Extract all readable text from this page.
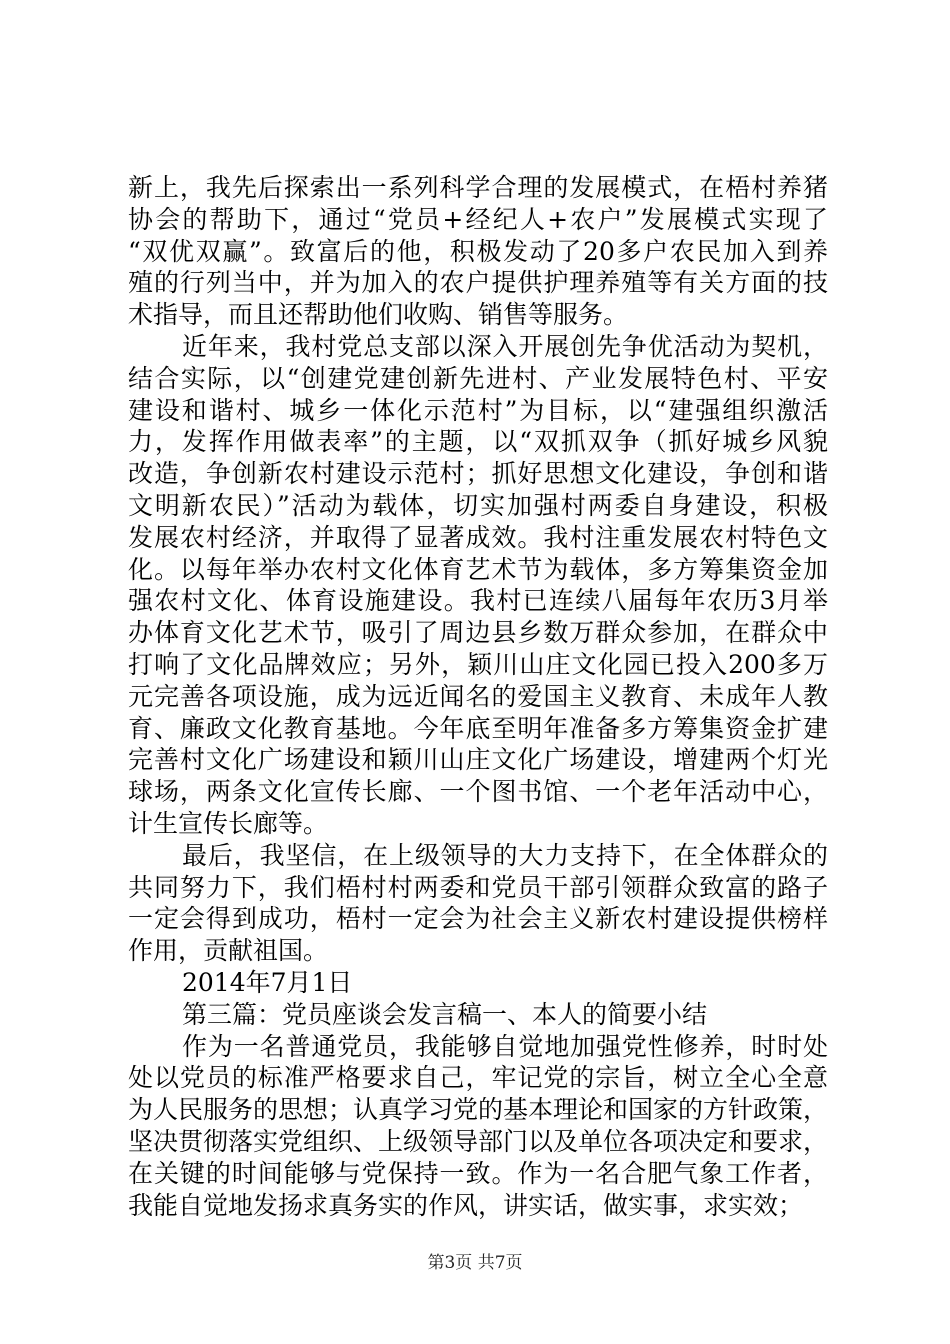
新上，我先后探索出一系列科学合理的发展模式，在梧村养猪
协会的帮助下，通过“党员+经纪人+农户”发展模式实现了
“双优双赢”。致富后的他，积极发动了20多户农民加入到养
殖的行列当中，并为加入的农户提供护理养殖等有关方面的技
术指导，而且还帮助他们收购、销售等服务。
近年来，我村党总支部以深入开展创先争优活动为契机，
结合实际，以“创建党建创新先进村、产业发展特色村、平安
建设和谐村、城乡一体化示范村”为目标，以“建强组织激活
力，发挥作用做表率”的主题，以“双抓双争（抓好城乡风貌
改造，争创新农村建设示范村；抓好思想文化建设，争创和谐
文明新农民）”活动为载体，切实加强村两委自身建设，积极
发展农村经济，并取得了显著成效。我村注重发展农村特色文
化。以每年举办农村文化体育艺术节为载体，多方筹集资金加
强农村文化、体育设施建设。我村已连续八届每年农历3月举
办体育文化艺术节，吸引了周边县乡数万群众参加，在群众中
打响了文化品牌效应；另外，颖川山庄文化园已投入200多万
元完善各项设施，成为远近闻名的爱国主义教育、未成年人教
育、廉政文化教育基地。今年底至明年准备多方筹集资金扩建
完善村文化广场建设和颖川山庄文化广场建设，增建两个灯光
球场，两条文化宣传长廊、一个图书馆、一个老年活动中心，
计生宣传长廊等。
最后，我坚信，在上级领导的大力支持下，在全体群众的
共同努力下，我们梧村村两委和党员干部引领群众致富的路子
一定会得到成功，梧村一定会为社会主义新农村建设提供榜样
作用，贡献祖国。
2014年7月1日
第三篇：党员座谈会发言稿一、本人的简要小结
作为一名普通党员，我能够自觉地加强党性修养，时时处
处以党员的标准严格要求自己，牢记党的宗旨，树立全心全意
为人民服务的思想；认真学习党的基本理论和国家的方针政策，
坚决贯彻落实党组织、上级领导部门以及单位各项决定和要求，
在关键的时间能够与党保持一致。作为一名合肥气象工作者，
我能自觉地发扬求真务实的作风，讲实话，做实事，求实效；
第3页 共7页
